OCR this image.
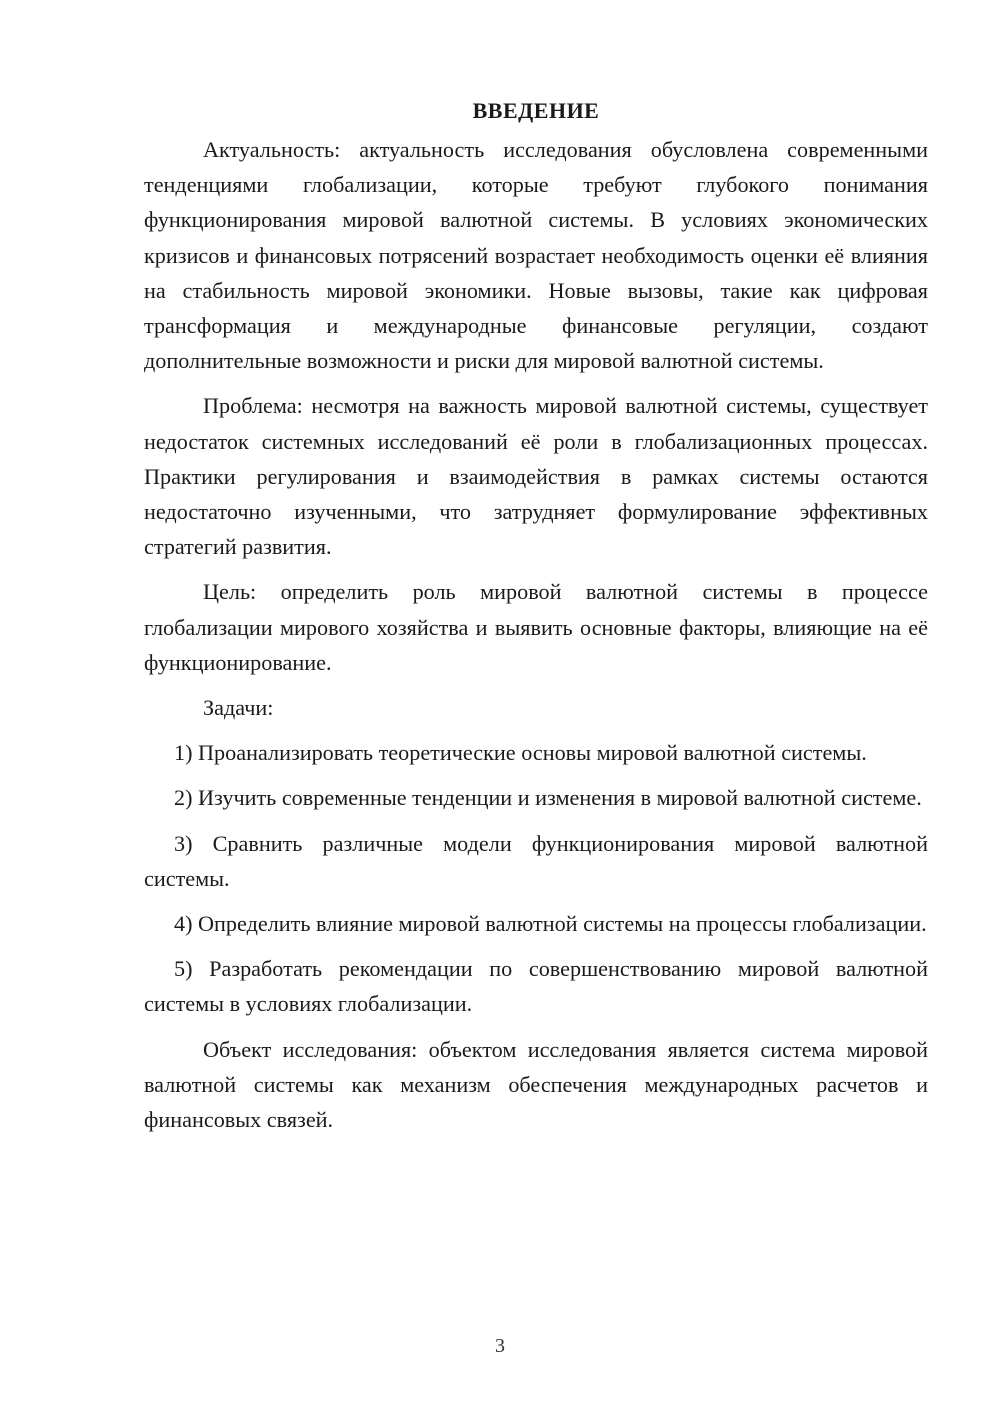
ВВЕДЕНИЕ

Актуальность: актуальность исследования обусловлена современными тенденциями глобализации, которые требуют глубокого понимания функционирования мировой валютной системы. В условиях экономических кризисов и финансовых потрясений возрастает необходимость оценки её влияния на стабильность мировой экономики. Новые вызовы, такие как цифровая трансформация и международные финансовые регуляции, создают дополнительные возможности и риски для мировой валютной системы.

Проблема: несмотря на важность мировой валютной системы, существует недостаток системных исследований её роли в глобализационных процессах. Практики регулирования и взаимодействия в рамках системы остаются недостаточно изученными, что затрудняет формулирование эффективных стратегий развития.

Цель: определить роль мировой валютной системы в процессе глобализации мирового хозяйства и выявить основные факторы, влияющие на её функционирование.

Задачи:

1) Проанализировать теоретические основы мировой валютной системы.

2) Изучить современные тенденции и изменения в мировой валютной системе.

3) Сравнить различные модели функционирования мировой валютной системы.

4) Определить влияние мировой валютной системы на процессы глобализации.

5) Разработать рекомендации по совершенствованию мировой валютной системы в условиях глобализации.

Объект исследования: объектом исследования является система мировой валютной системы как механизм обеспечения международных расчетов и финансовых связей.

3
